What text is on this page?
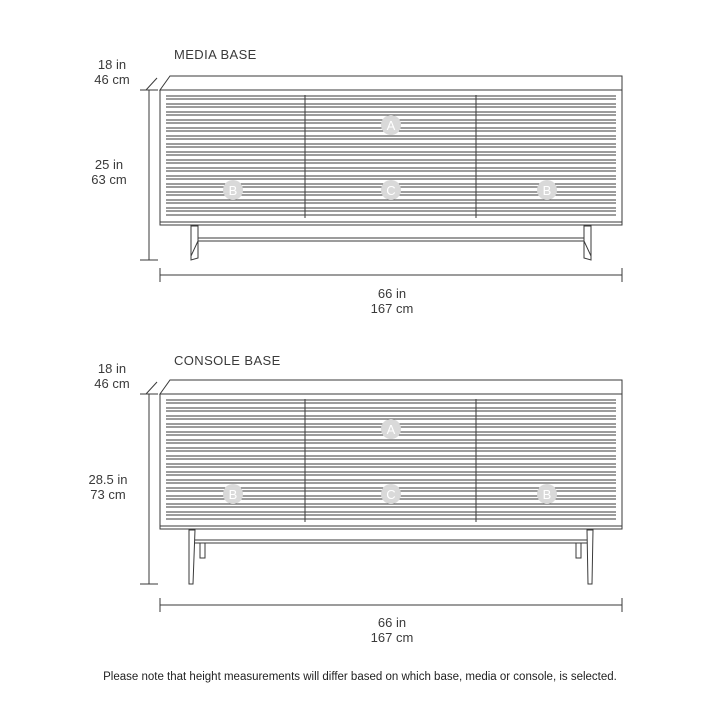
MEDIA BASE
18 in
46 cm
25 in
63 cm
66 in
167 cm
A
B	C	B
CONSOLE BASE
18 in
46 cm
28.5 in
73 cm
66 in
167 cm
A
B	C	B
Please note that height measurements will differ based on which base, media or console, is selected.
